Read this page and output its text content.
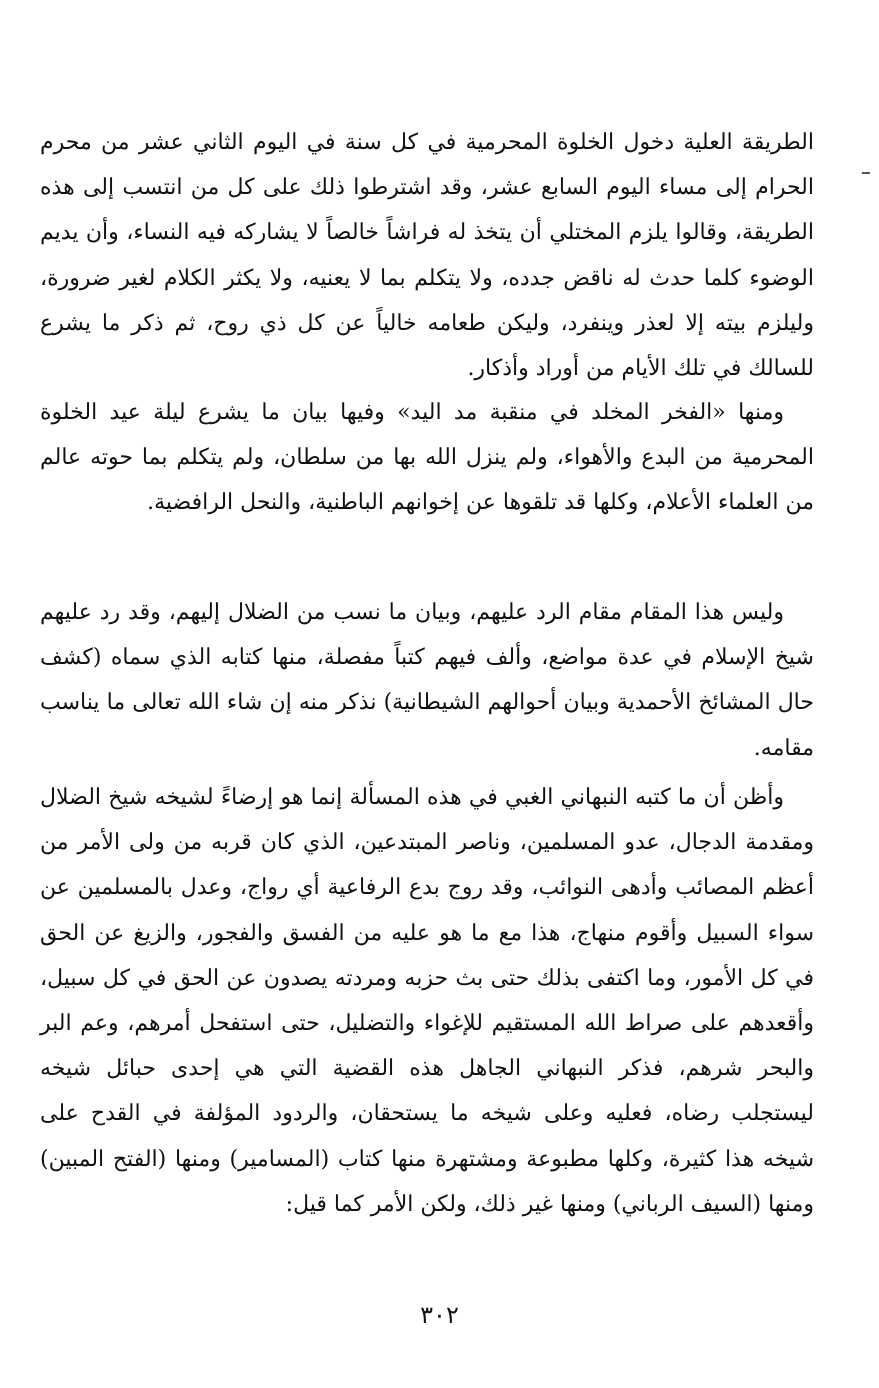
الطريقة العلية دخول الخلوة المحرمية في كل سنة في اليوم الثاني عشر من محرم الحرام إلى مساء اليوم السابع عشر، وقد اشترطوا ذلك على كل من انتسب إلى هذه الطريقة، وقالوا يلزم المختلي أن يتخذ له فراشاً خالصاً لا يشاركه فيه النساء، وأن يديم الوضوء كلما حدث له ناقض جدده، ولا يتكلم بما لا يعنيه، ولا يكثر الكلام لغير ضرورة، وليلزم بيته إلا لعذر وينفرد، وليكن طعامه خالياً عن كل ذي روح، ثم ذكر ما يشرع للسالك في تلك الأيام من أوراد وأذكار.

ومنها «الفخر المخلد في منقبة مد اليد» وفيها بيان ما يشرع ليلة عيد الخلوة المحرمية من البدع والأهواء، ولم ينزل الله بها من سلطان، ولم يتكلم بما حوته عالم من العلماء الأعلام، وكلها قد تلقوها عن إخوانهم الباطنية، والنحل الرافضية.

وليس هذا المقام مقام الرد عليهم، وبيان ما نسب من الضلال إليهم، وقد رد عليهم شيخ الإسلام في عدة مواضع، وألف فيهم كتباً مفصلة، منها كتابه الذي سماه (كشف حال المشائخ الأحمدية وبيان أحوالهم الشيطانية) نذكر منه إن شاء الله تعالى ما يناسب مقامه.

وأظن أن ما كتبه النبهاني الغبي في هذه المسألة إنما هو إرضاءً لشيخه شيخ الضلال ومقدمة الدجال، عدو المسلمين، وناصر المبتدعين، الذي كان قربه من ولى الأمر من أعظم المصائب وأدهى النوائب، وقد روج بدع الرفاعية أي رواج، وعدل بالمسلمين عن سواء السبيل وأقوم منهاج، هذا مع ما هو عليه من الفسق والفجور، والزيغ عن الحق في كل الأمور، وما اكتفى بذلك حتى بث حزبه ومردته يصدون عن الحق في كل سبيل، وأقعدهم على صراط الله المستقيم للإغواء والتضليل، حتى استفحل أمرهم، وعم البر والبحر شرهم، فذكر النبهاني الجاهل هذه القضية التي هي إحدى حبائل شيخه ليستجلب رضاه، فعليه وعلى شيخه ما يستحقان، والردود المؤلفة في القدح على شيخه هذا كثيرة، وكلها مطبوعة ومشتهرة منها كتاب (المسامير) ومنها (الفتح المبين) ومنها (السيف الرباني) ومنها غير ذلك، ولكن الأمر كما قيل:

٣٠٢
